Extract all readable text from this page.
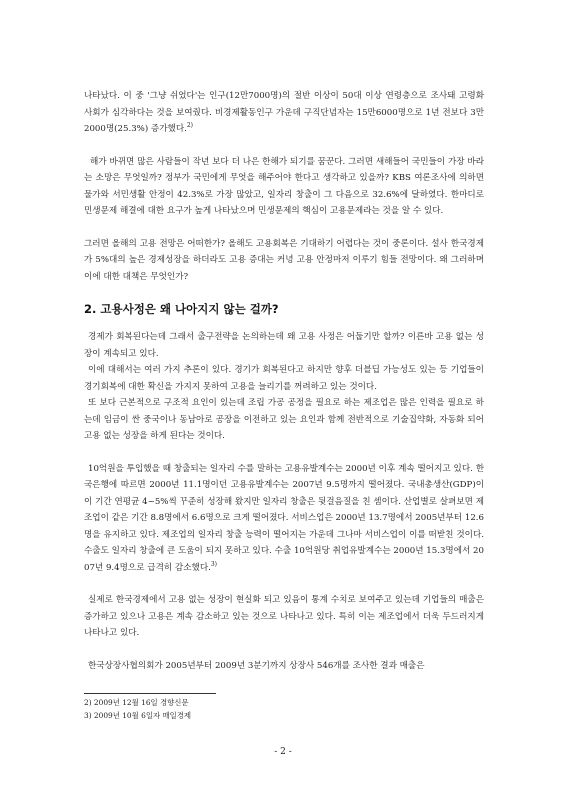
나타났다. 이 중 '그냥 쉬었다'는 인구(12만7000명)의 절반 이상이 50대 이상 연령층으로 조사돼 고령화 사회가 심각하다는 것을 보여줬다. 비경제활동인구 가운데 구직단념자는 15만6000명으로 1년 전보다 3만2000명(25.3%) 증가했다.$^{2)}$

해가 바뀌면 많은 사람들이 작년 보다 더 나은 한해가 되기를 꿈꾼다. 그러면 새해들어 국민들이 가장 바라는 소망은 무엇일까? 정부가 국민에게 무엇을 해주어야 한다고 생각하고 있을까? KBS 여론조사에 의하면 물가와 서민생활 안정이 42.3%로 가장 많았고, 일자리 창출이 그 다음으로 32.6%에 달하였다. 한마디로 민생문제 해결에 대한 요구가 높게 나타났으며 민생문제의 핵심이 고용문제라는 것을 알 수 있다.

그러면 올해의 고용 전망은 어떠한가? 올해도 고용회복은 기대하기 어렵다는 것이 중론이다. 설사 한국경제가 5%대의 높은 경제성장을 하더라도 고용 증대는 커녕 고용 안정마저 이루기 힘들 전망이다. 왜 그러하며 이에 대한 대책은 무엇인가?

2. 고용사정은 왜 나아지지 않는 걸까?

경제가 회복된다는데 그래서 출구전략을 논의하는데 왜 고용 사정은 어둡기만 할까? 이른바 고용 없는 성장이 계속되고 있다.

이에 대해서는 여러 가지 추론이 있다. 경기가 회복된다고 하지만 향후 더블딥 가능성도 있는 등 기업들이 경기회복에 대한 확신을 가지지 못하여 고용을 늘리기를 꺼려하고 있는 것이다.

또 보다 근본적으로 구조적 요인이 있는데 조립 가공 공정을 필요로 하는 제조업은 많은 인력을 필요로 하는데 임금이 싼 중국이나 동남아로 공장을 이전하고 있는 요인과 함께 전반적으로 기술집약화, 자동화 되어 고용 없는 성장을 하게 된다는 것이다.

10억원을 투입했을 때 창출되는 일자리 수를 말하는 고용유발계수는 2000년 이후 계속 떨어지고 있다. 한국은행에 따르면 2000년 11.1명이던 고용유발계수는 2007년 9.5명까지 떨어졌다. 국내총생산(GDP)이 이 기간 연평균 4~5%씩 꾸준히 성장해 왔지만 일자리 창출은 뒷걸음질을 친 셈이다. 산업별로 살펴보면 제조업이 같은 기간 8.8명에서 6.6명으로 크게 떨어졌다. 서비스업은 2000년 13.7명에서 2005년부터 12.6명을 유지하고 있다. 제조업의 일자리 창출 능력이 떨어지는 가운데 그나마 서비스업이 이를 떠받친 것이다. 수출도 일자리 창출에 큰 도움이 되지 못하고 있다. 수출 10억원당 취업유발계수는 2000년 15.3명에서 2007년 9.4명으로 급격히 감소했다.$^{3)}$

실제로 한국경제에서 고용 없는 성장이 현실화 되고 있음이 통계 수치로 보여주고 있는데 기업들의 매출은 증가하고 있으나 고용은 계속 감소하고 있는 것으로 나타나고 있다. 특히 이는 제조업에서 더욱 두드러지게 나타나고 있다.

한국상장사협의회가 2005년부터 2009년 3분기까지 상장사 546개를 조사한 결과 매출은

2) 2009년 12월 16일 경향신문

3) 2009년 10월 6일자 매일경제

- 2 -
